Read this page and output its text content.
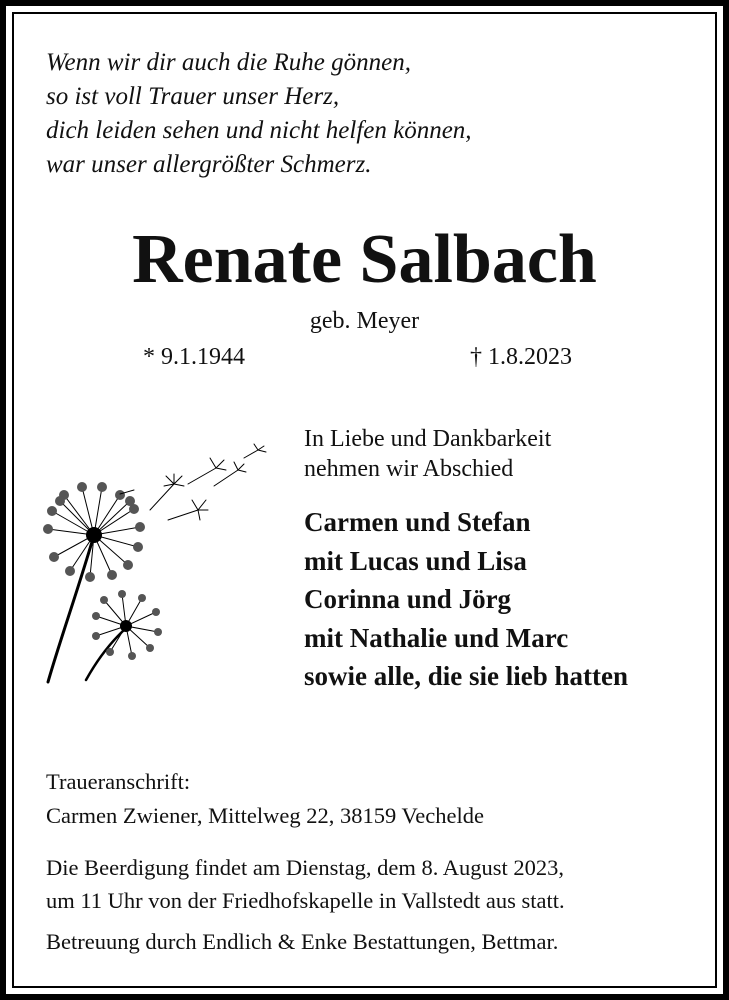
Wenn wir dir auch die Ruhe gönnen,
so ist voll Trauer unser Herz,
dich leiden sehen und nicht helfen können,
war unser allergrößter Schmerz.

Renate Salbach
geb. Meyer
* 9.1.1944	† 1.8.2023
In Liebe und Dankbarkeit
nehmen wir Abschied
Carmen und Stefan
mit Lucas und Lisa
Corinna und Jörg
mit Nathalie und Marc
sowie alle, die sie lieb hatten
Traueranschrift:
Carmen Zwiener, Mittelweg 22, 38159 Vechelde
Die Beerdigung findet am Dienstag, dem 8. August 2023,
um 11 Uhr von der Friedhofskapelle in Vallstedt aus statt.
Betreuung durch Endlich & Enke Bestattungen, Bettmar.
